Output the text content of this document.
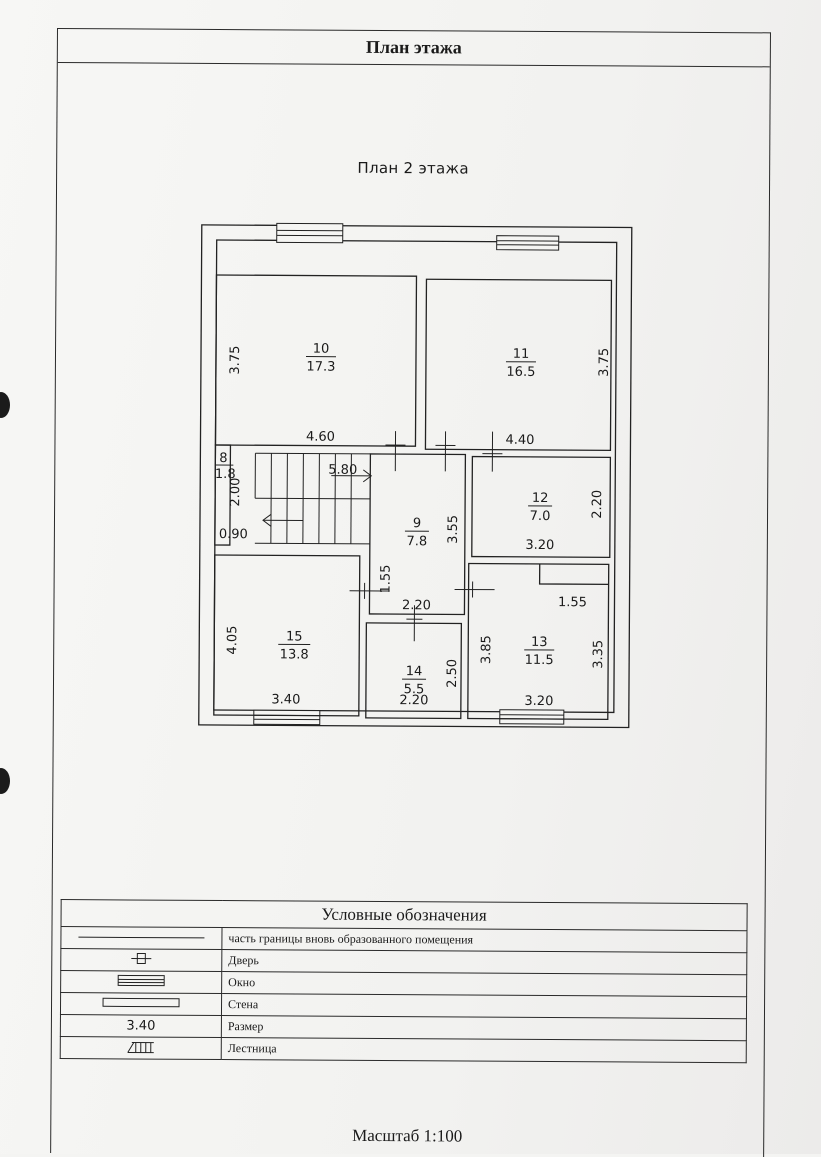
План этажа
План 2 этажа
10
17.3
11
16.5
8
1.8
9
7.8
12
7.0
15
13.8
14
5.5
13
11.5
3.75
4.60
3.75
4.40
2.00
0.90
5.80
3.55
1.55
2.20
2.20
3.20
1.55
4.05
3.40
2.50
2.20
3.85	3.35
3.20
Условные обозначения	
	часть границы вновь образованного помещения
	Дверь
	Окно
	Стена
3.40	Размер
	Лестница
Масштаб 1:100
